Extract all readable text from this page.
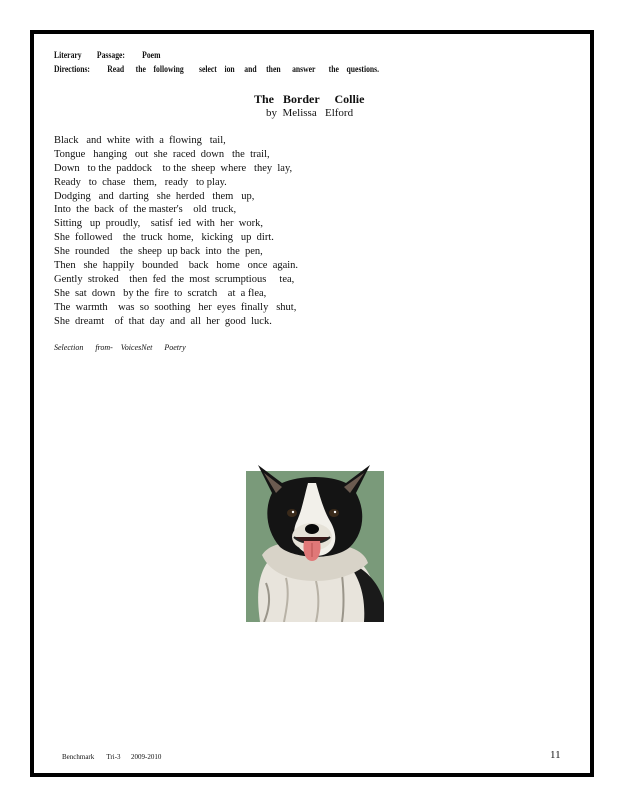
Literary        Passage:         Poem
Directions:         Read      the    following        select    ion     and     then      answer       the    questions.
The   Border     Collie
by  Melissa   Elford
Black   and  white  with  a  flowing   tail,
Tongue   hanging   out  she  raced  down   the  trail,
Down   to the  paddock    to the  sheep  where   they  lay,
Ready   to  chase   them,   ready   to play.
Dodging   and  darting   she  herded   them   up,
Into  the  back  of  the master's    old  truck,
Sitting   up  proudly,    satisf  ied  with  her  work,
She  followed    the  truck  home,   kicking   up  dirt.
She  rounded    the  sheep  up back  into  the  pen,
Then   she  happily   bounded    back   home   once  again.
Gently  stroked    then  fed  the  most  scrumptious     tea,
She  sat  down   by the  fire  to  scratch    at  a flea,
The  warmth    was  so  soothing   her  eyes  finally   shut,
She  dreamt    of  that  day  and  all  her  good  luck.
Selection      from-    VoicesNet      Poetry
Benchmark       Tri-3      2009-2010	11
